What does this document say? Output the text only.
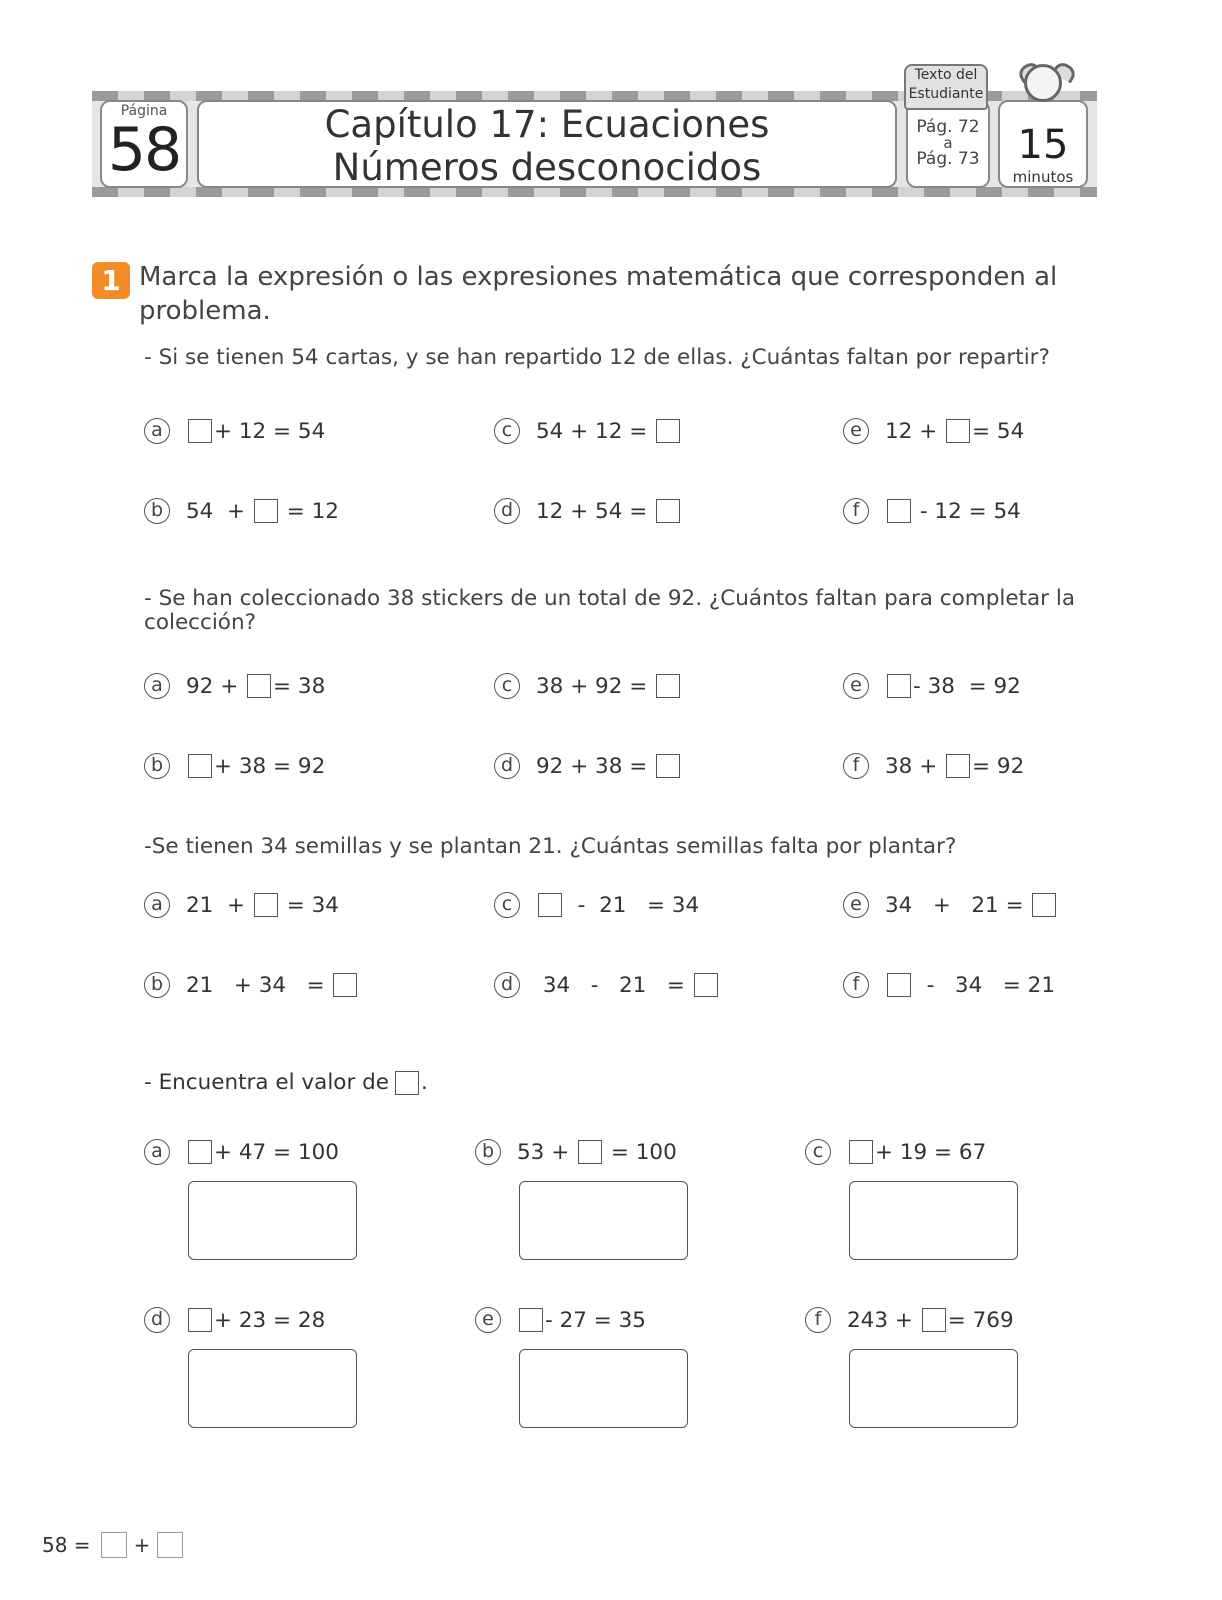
Página
58	Capítulo 17: Ecuaciones
Números desconocidos
Texto del
Estudiante
Pág. 72
a
Pág. 73 15
minutos
1 Marca la expresión o las expresiones matemática que corresponden al problema.
- Si se tienen 54 cartas, y se han repartido 12 de ellas. ¿Cuántas faltan por repartir?
a	+ 12 = 54	c	54 + 12 =	e	12 + = 54
b	54  + = 12	d	12 + 54 =	f	- 12 = 54
- Se han coleccionado 38 stickers de un total de 92. ¿Cuántos faltan para completar la colección?
a	92 + = 38	c	38 + 92 =	e	- 38  = 92
b	+ 38 = 92	d	92 + 38 =	f	38 + = 92
-Se tienen 34 semillas y se plantan 21. ¿Cuántas semillas falta por plantar?
a	21  + = 34	c	-  21   = 34	e	34   +   21 =
b	21   + 34   =	d	34   -   21   =	f	-   34   = 21
- Encuentra el valor de .
a	+ 47 = 100	b	53 + = 100	c	+ 19 = 67
d	+ 23 = 28	e	- 27 = 35	f	243 + = 769
58 = +
